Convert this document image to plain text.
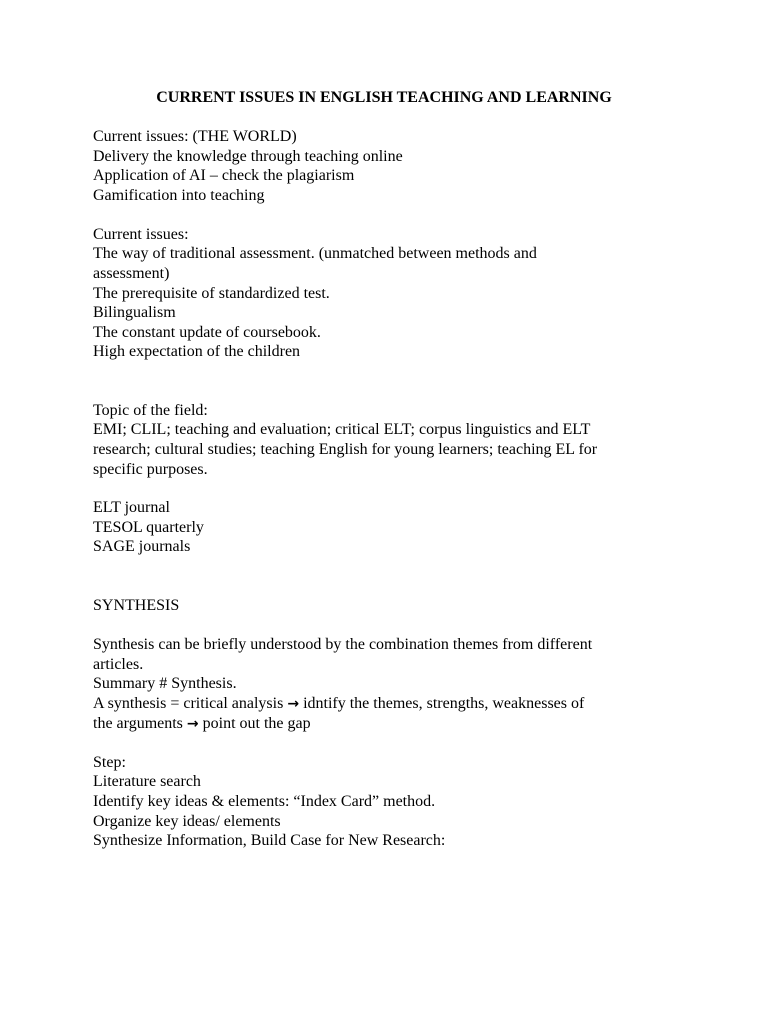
CURRENT ISSUES IN ENGLISH TEACHING AND LEARNING
Current issues: (THE WORLD)
Delivery the knowledge through teaching online
Application of AI – check the plagiarism
Gamification into teaching
Current issues:
The way of traditional assessment. (unmatched between methods and
assessment)
The prerequisite of standardized test.
Bilingualism
The constant update of coursebook.
High expectation of the children
Topic of the field:
EMI; CLIL; teaching and evaluation; critical ELT; corpus linguistics and ELT
research; cultural studies; teaching English for young learners; teaching EL for
specific purposes.
ELT journal
TESOL quarterly
SAGE journals
SYNTHESIS
Synthesis can be briefly understood by the combination themes from different
articles.
Summary # Synthesis.
A synthesis = critical analysis → idntify the themes, strengths, weaknesses of
the arguments → point out the gap
Step:
Literature search
Identify key ideas & elements: “Index Card” method.
Organize key ideas/ elements
Synthesize Information, Build Case for New Research:
